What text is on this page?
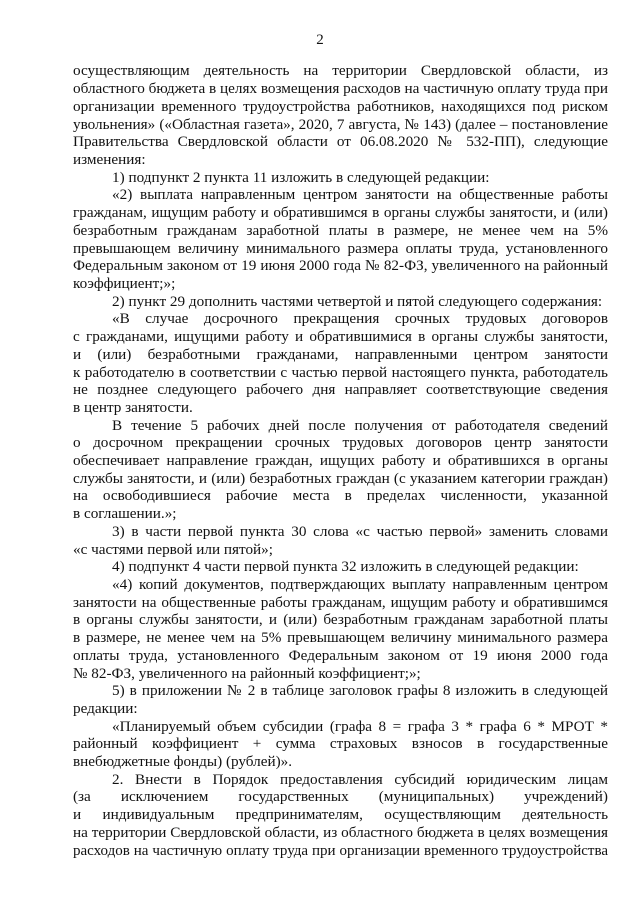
2
осуществляющим деятельность на территории Свердловской области, из
областного бюджета в целях возмещения расходов на частичную оплату труда при
организации временного трудоустройства работников, находящихся под риском
увольнения» («Областная газета», 2020, 7 августа, № 143) (далее – постановление
Правительства Свердловской области от 06.08.2020 № 532-ПП), следующие
изменения:
1) подпункт 2 пункта 11 изложить в следующей редакции:
«2) выплата направленным центром занятости на общественные работы
гражданам, ищущим работу и обратившимся в органы службы занятости, и (или)
безработным гражданам заработной платы в размере, не менее чем на 5%
превышающем величину минимального размера оплаты труда, установленного
Федеральным законом от 19 июня 2000 года № 82-ФЗ, увеличенного на районный
коэффициент;»;
2) пункт 29 дополнить частями четвертой и пятой следующего содержания:
«В случае досрочного прекращения срочных трудовых договоров
с гражданами, ищущими работу и обратившимися в органы службы занятости,
и (или) безработными гражданами, направленными центром занятости
к работодателю в соответствии с частью первой настоящего пункта, работодатель
не позднее следующего рабочего дня направляет соответствующие сведения
в центр занятости.
В течение 5 рабочих дней после получения от работодателя сведений
о досрочном прекращении срочных трудовых договоров центр занятости
обеспечивает направление граждан, ищущих работу и обратившихся в органы
службы занятости, и (или) безработных граждан (с указанием категории граждан)
на освободившиеся рабочие места в пределах численности, указанной
в соглашении.»;
3) в части первой пункта 30 слова «с частью первой» заменить словами
«с частями первой или пятой»;
4) подпункт 4 части первой пункта 32 изложить в следующей редакции:
«4) копий документов, подтверждающих выплату направленным центром
занятости на общественные работы гражданам, ищущим работу и обратившимся
в органы службы занятости, и (или) безработным гражданам заработной платы
в размере, не менее чем на 5% превышающем величину минимального размера
оплаты труда, установленного Федеральным законом от 19 июня 2000 года
№ 82-ФЗ, увеличенного на районный коэффициент;»;
5) в приложении № 2 в таблице заголовок графы 8 изложить в следующей
редакции:
«Планируемый объем субсидии (графа 8 = графа 3 * графа 6 * МРОТ *
районный коэффициент + сумма страховых взносов в государственные
внебюджетные фонды) (рублей)».
2. Внести в Порядок предоставления субсидий юридическим лицам
(за исключением государственных (муниципальных) учреждений)
и индивидуальным предпринимателям, осуществляющим деятельность
на территории Свердловской области, из областного бюджета в целях возмещения
расходов на частичную оплату труда при организации временного трудоустройства
